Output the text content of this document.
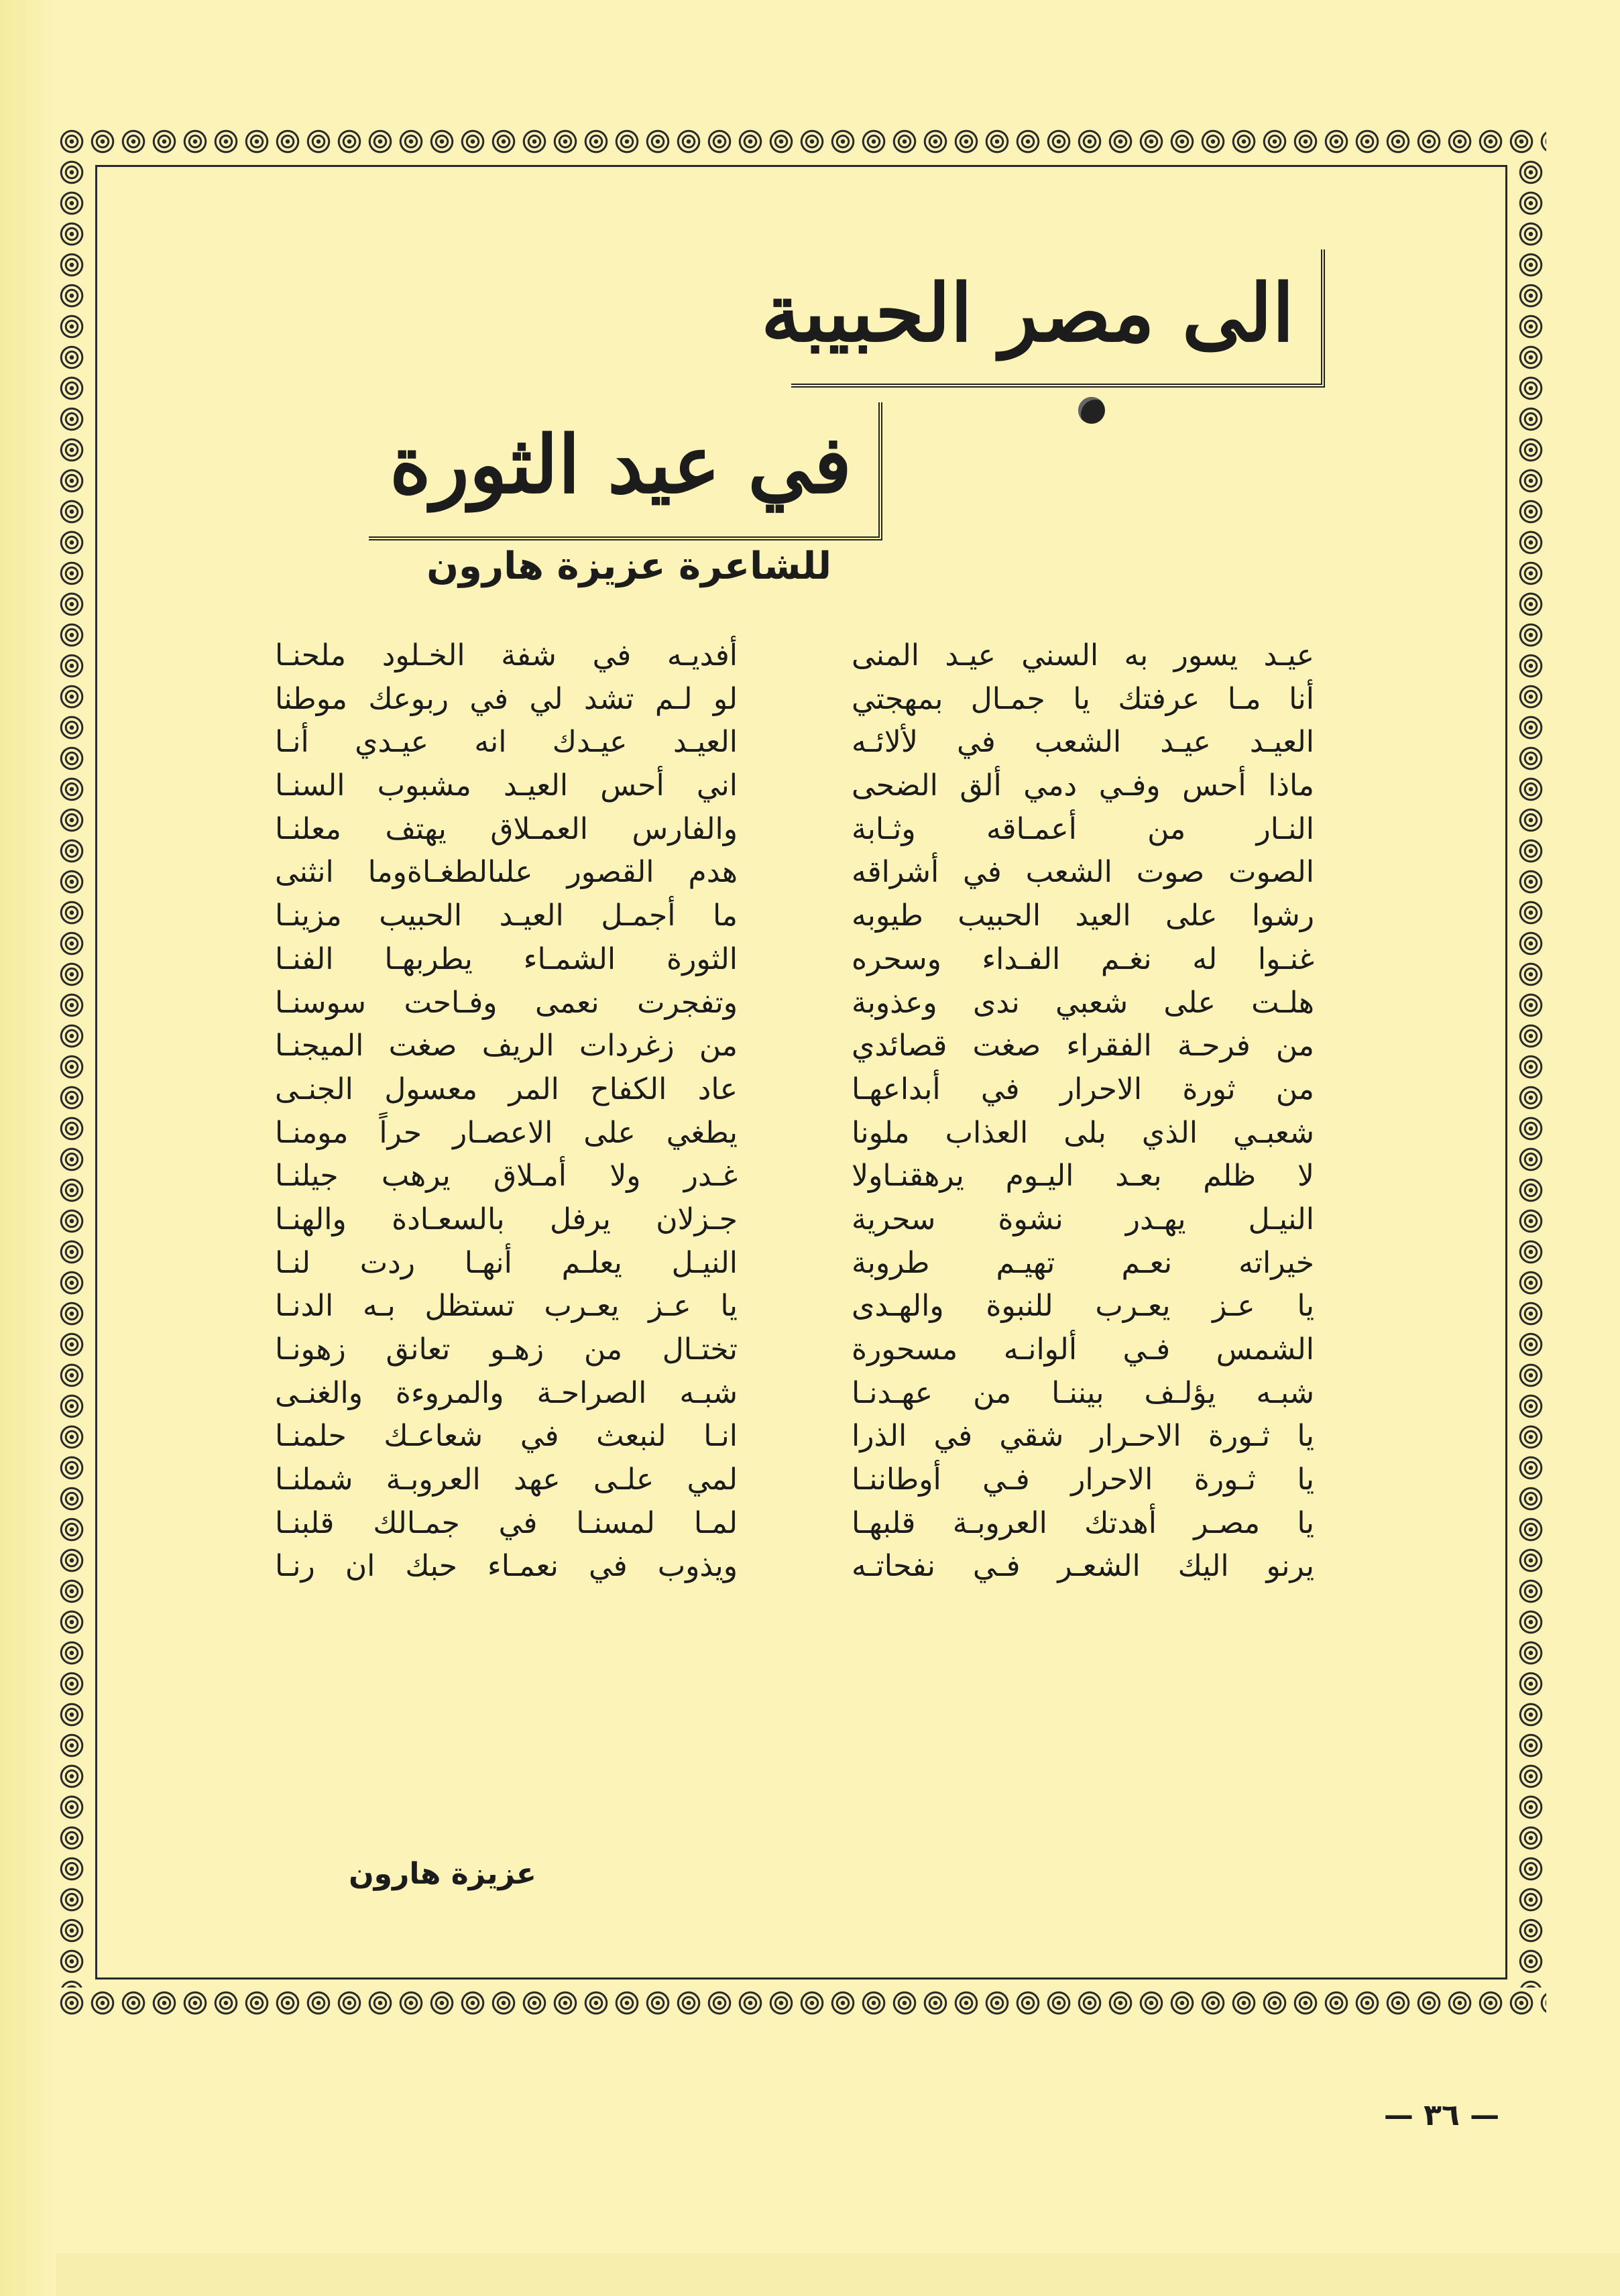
الى مصر الحبيبة
في عيد الثورة
للشاعرة عزيزة هارون
عيـد يسور به السني عيـد المنى
أنا مـا عرفتك يا جمـال بمهجتي
العيـد عيـد الشعب في لألائـه
ماذا أحس وفـي دمي ألق الضحى
النـار من أعمـاقه وثـابة
الصوت صوت الشعب في أشراقه
رشوا على العيد الحبيب طيوبه
غنـوا له نغـم الفـداء وسحره
هلـت على شعبي ندى وعذوبة
من فرحـة الفقراء صغت قصائدي
من ثورة الاحرار في أبداعهـا
شعبـي الذي بلى العذاب ملونا
لا ظلم بعـد اليـوم يرهقنـاولا
النيـل يهـدر نشوة سحرية
خيراته نعـم تهيـم طروبة
يا عـز يعـرب للنبوة والهـدى
الشمس فـي ألوانـه مسحورة
شبـه يؤلـف بيننـا من عهـدنـا
يا ثـورة الاحـرار شقي في الذرا
يا ثـورة الاحرار فـي أوطاننـا
يا مصـر أهدتك العروبـة قلبهـا
يرنو اليك الشعـر فـي نفحاتـه
أفديـه في شفة الخـلود ملحنـا
لو لـم تشد لي في ربوعك موطنا
العيـد عيـدك انه عيـدي أنـا
اني أحس العيـد مشبوب السنـا
والفارس العمـلاق يهتف معلنـا
هدم القصور علىالطغـاةوما انثنى
ما أجمـل العيـد الحبيب مزينـا
الثورة الشمـاء يطربهـا الفنـا
وتفجرت نعمى وفـاحت سوسنـا
من زغردات الريف صغت الميجنـا
عاد الكفاح المر معسول الجنـى
يطغي على الاعصـار حراً مومنـا
غـدر ولا أمـلاق يرهب جيلنـا
جـزلان يرفل بالسعـادة والهنـا
النيـل يعلـم أنهـا ردت لنـا
يا عـز يعـرب تستظل بـه الدنـا
تختـال من زهـو تعانق زهونـا
شبـه الصراحـة والمروءة والغنـى
انـا لنبعث في شعاعـك حلمنـا
لمي علـى عهد العروبـة شملنـا
لمـا لمسنـا في جمـالك قلبنـا
ويذوب في نعمـاء حبك ان رنـا
عزيزة هارون
— ٣٦ —
